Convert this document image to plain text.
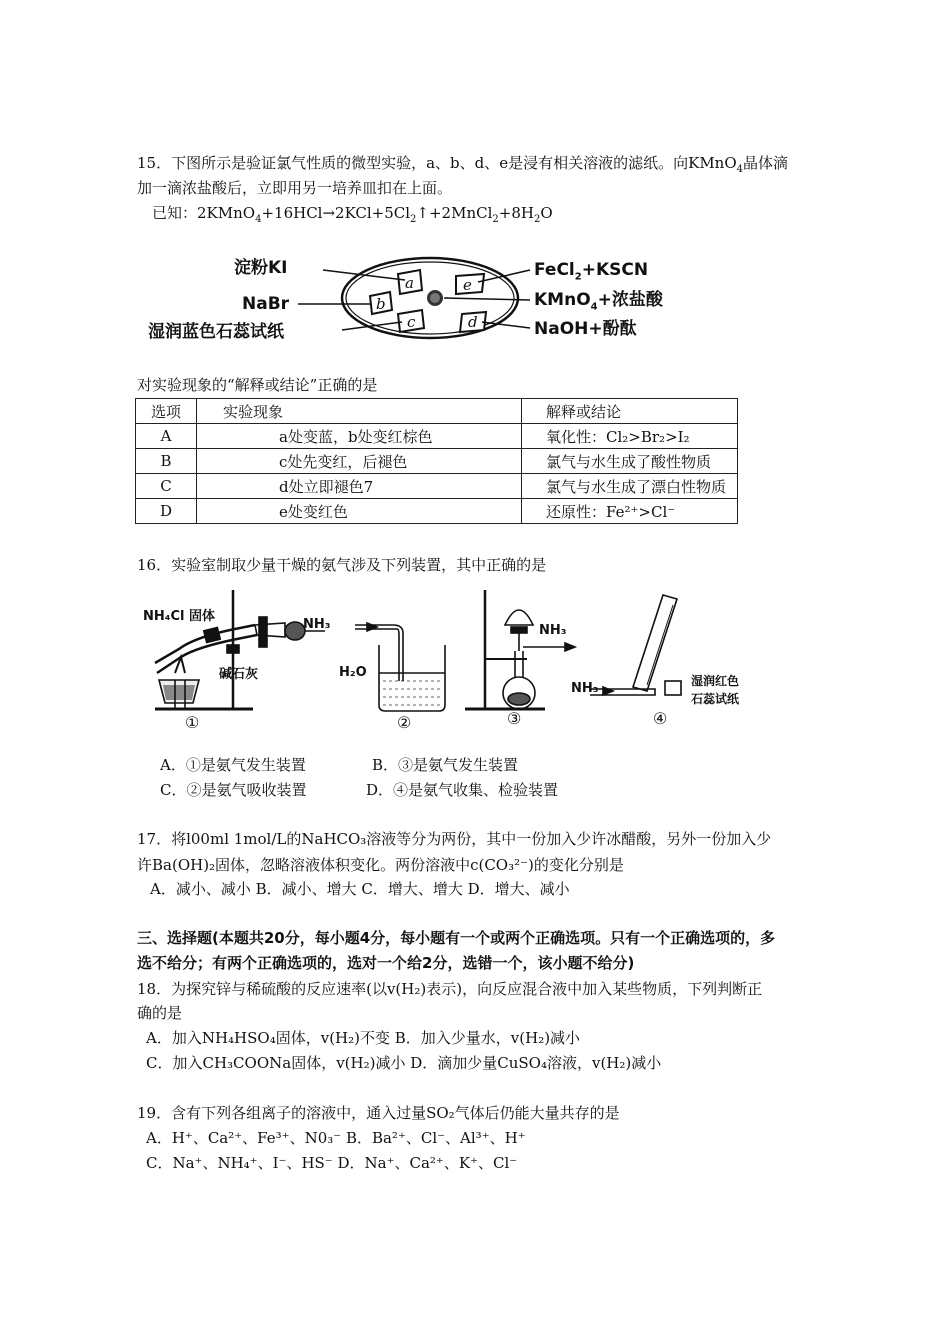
15．下图所示是验证氯气性质的微型实验，a、b、d、e是浸有相关溶液的滤纸。向KMnO$_4$晶体滴
加一滴浓盐酸后，立即用另一培养皿扣在上面。
已知：$2KMnO_4+16HCl\to 2KCl+5Cl_2↑+2MnCl_2+8H_2O$
a
b
c	d
e
淀粉KI
NaBr
湿润蓝色石蕊试纸
FeCl$_2$+KSCN
KMnO$_4$+浓盐酸
NaOH+酚酞
对实验现象的“解释或结论”正确的是
选项	实验现象	解释或结论
A	a处变蓝，b处变红棕色	氧化性：Cl₂>Br₂>I₂
B	c处先变红，后褪色	氯气与水生成了酸性物质
C	d处立即褪色7	氯气与水生成了漂白性物质
D	e处变红色	还原性：Fe²⁺>Cl⁻
16．实验室制取少量干燥的氨气涉及下列装置，其中正确的是
NH₄Cl 固体
碱石灰
NH₃
H₂O
NH₃
NH₃	湿润红色
石蕊试纸
①	②	③	④
A．①是氨气发生装置	B．③是氨气发生装置
C．②是氨气吸收装置	D．④是氨气收集、检验装置
17．将l00ml 1mol/L的NaHCO₃溶液等分为两份，其中一份加入少许冰醋酸，另外一份加入少
许Ba(OH)₂固体，忽略溶液体积变化。两份溶液中c(CO₃²⁻)的变化分别是
A．减小、减小 B．减小、增大 C．增大、增大 D．增大、减小
三、选择题(本题共20分，每小题4分，每小题有一个或两个正确选项。只有一个正确选项的，多
选不给分；有两个正确选项的，选对一个给2分，选错一个，该小题不给分)
18．为探究锌与稀硫酸的反应速率(以v(H₂)表示)，向反应混合液中加入某些物质，下列判断正
确的是
A．加入NH₄HSO₄固体，v(H₂)不变 B．加入少量水，v(H₂)减小
C．加入CH₃COONa固体，v(H₂)减小 D．滴加少量CuSO₄溶液，v(H₂)减小
19．含有下列各组离子的溶液中，通入过量SO₂气体后仍能大量共存的是
A．H⁺、Ca²⁺、Fe³⁺、N0₃⁻ B．Ba²⁺、Cl⁻、Al³⁺、H⁺
C．Na⁺、NH₄⁺、I⁻、HS⁻ D．Na⁺、Ca²⁺、K⁺、Cl⁻
